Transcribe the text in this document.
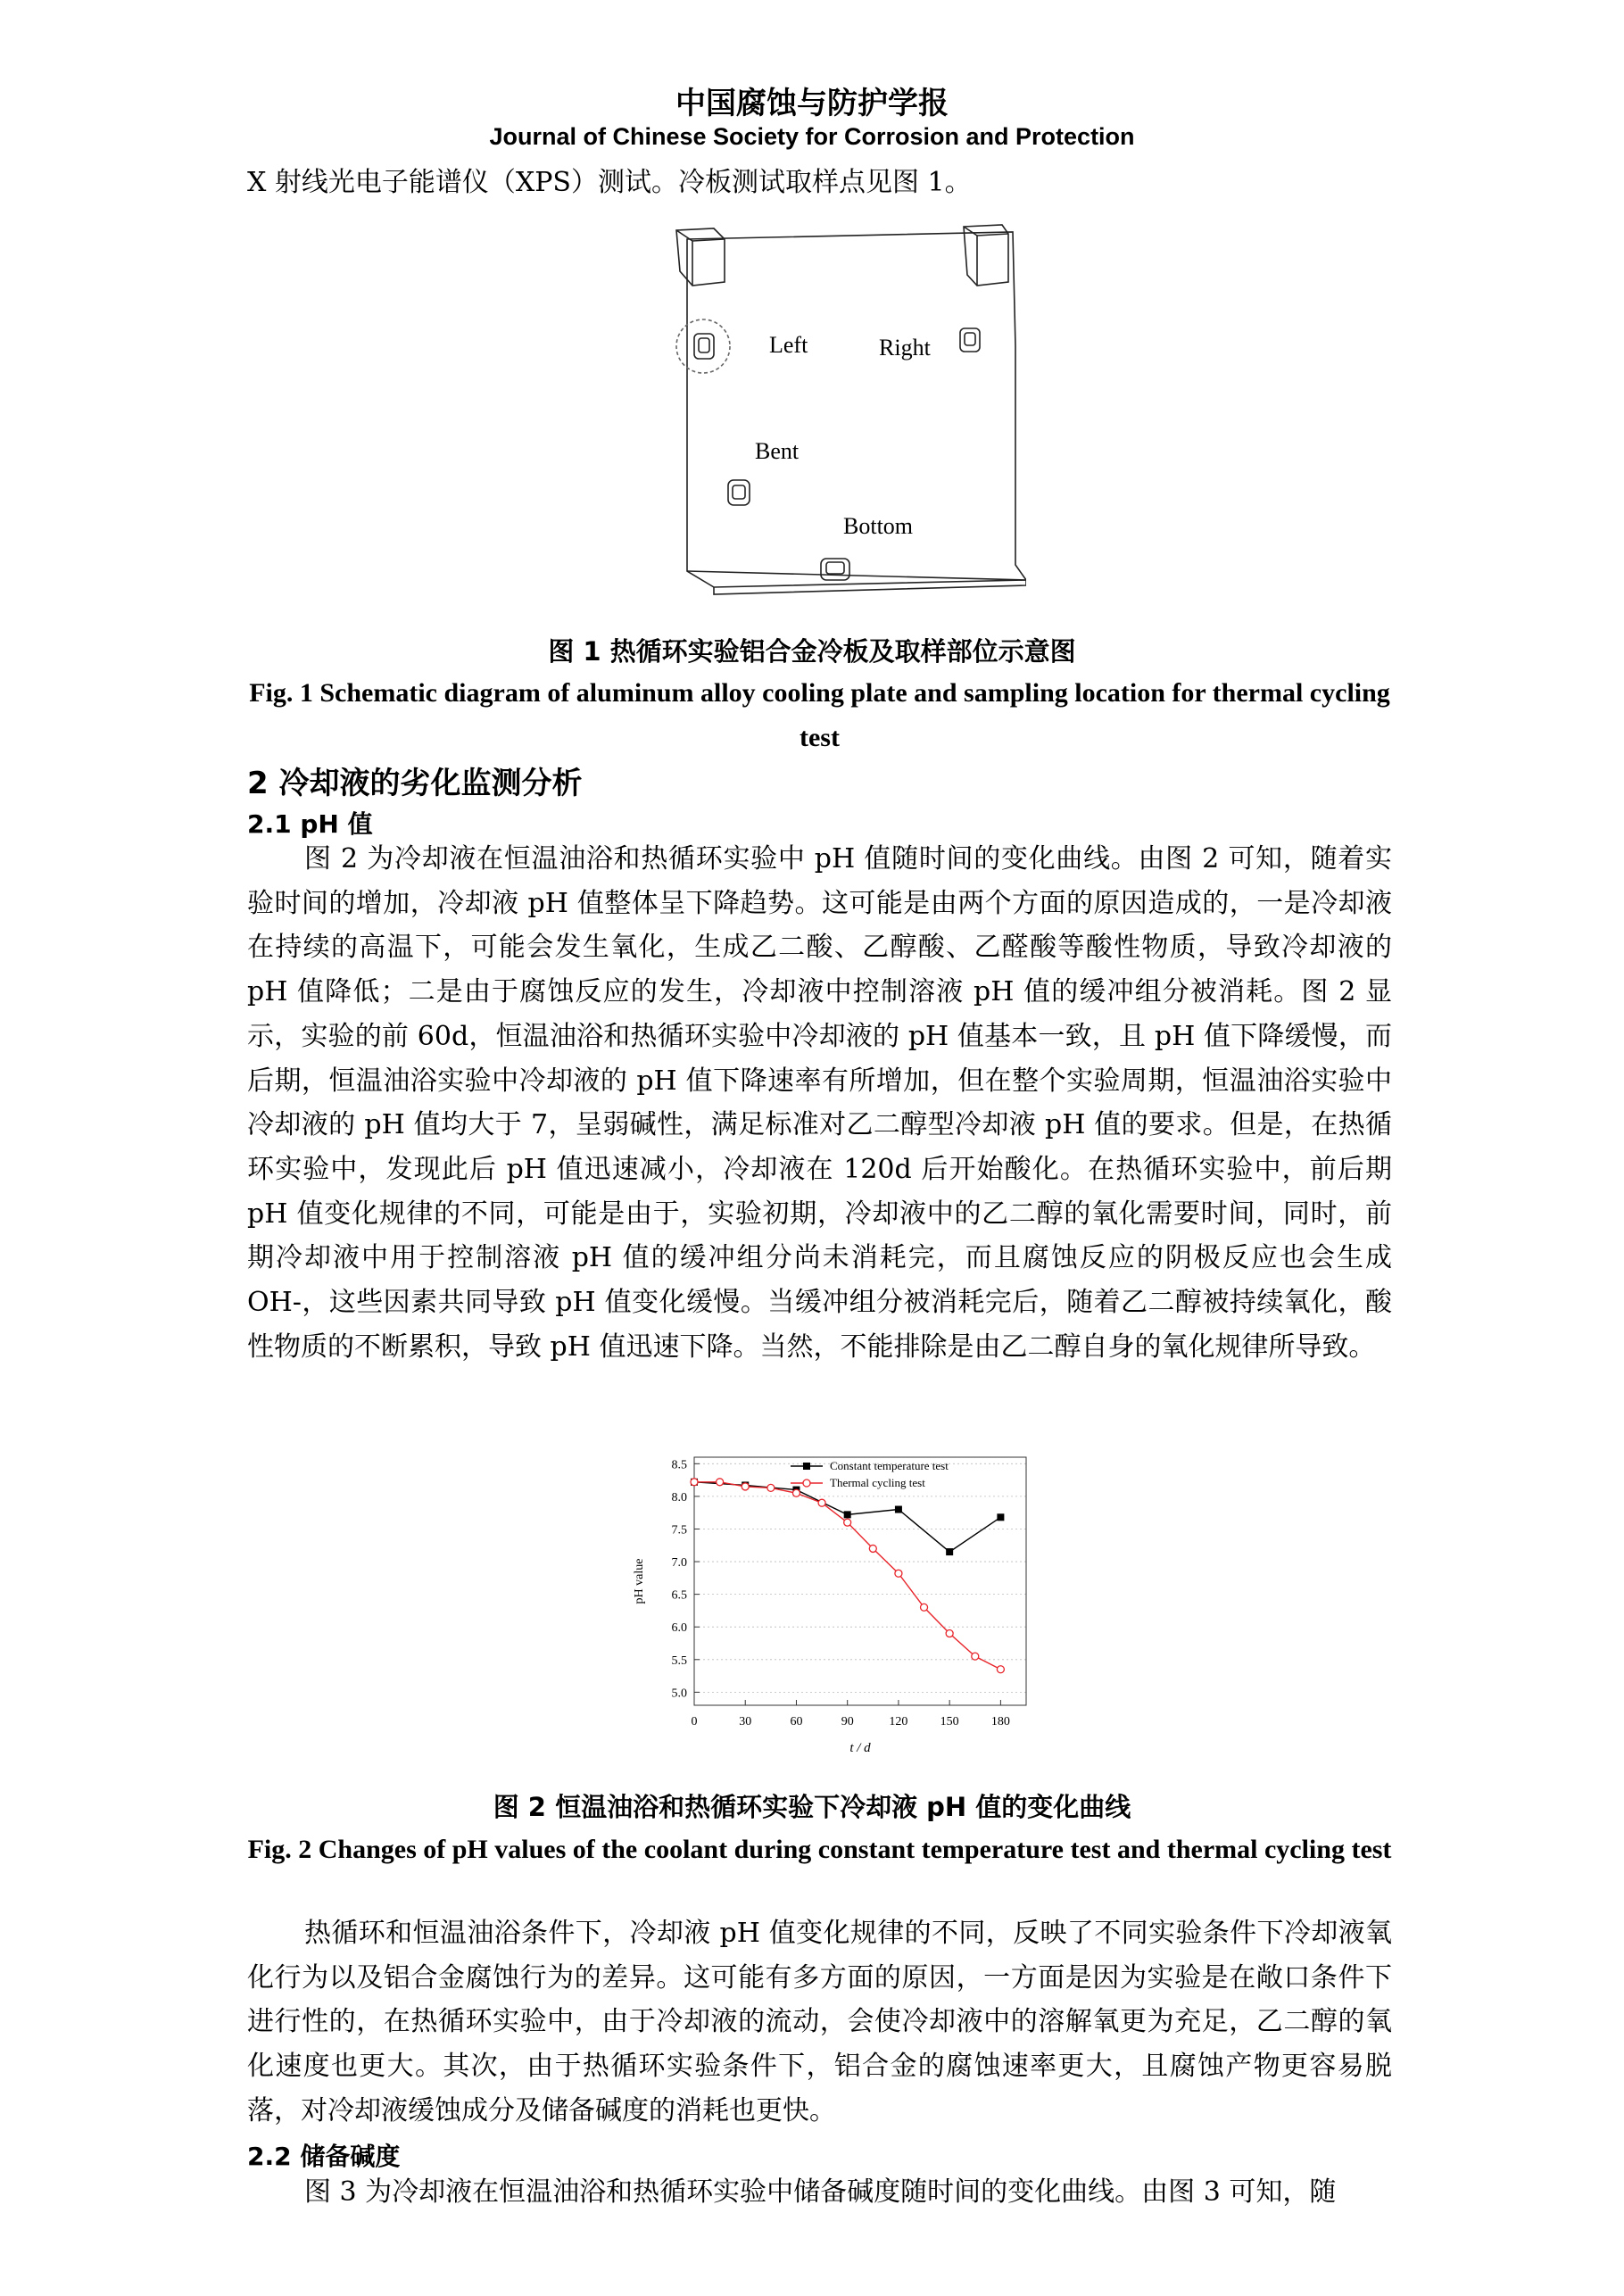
中国腐蚀与防护学报
Journal of Chinese Society for Corrosion and Protection

X 射线光电子能谱仪（XPS）测试。冷板测试取样点见图 1。

Left	Right
Bent
Bottom
图 1 热循环实验铝合金冷板及取样部位示意图
Fig. 1 Schematic diagram of aluminum alloy cooling plate and sampling location for thermal cycling test
2 冷却液的劣化监测分析
2.1 pH 值

图 2 为冷却液在恒温油浴和热循环实验中 pH 值随时间的变化曲线。由图 2 可知，随着实验时间的增加，冷却液 pH 值整体呈下降趋势。这可能是由两个方面的原因造成的，一是冷却液在持续的高温下，可能会发生氧化，生成乙二酸、乙醇酸、乙醛酸等酸性物质，导致冷却液的 pH 值降低；二是由于腐蚀反应的发生，冷却液中控制溶液 pH 值的缓冲组分被消耗。图 2 显示，实验的前 60d，恒温油浴和热循环实验中冷却液的 pH 值基本一致，且 pH 值下降缓慢，而后期，恒温油浴实验中冷却液的 pH 值下降速率有所增加，但在整个实验周期，恒温油浴实验中冷却液的 pH 值均大于 7，呈弱碱性，满足标准对乙二醇型冷却液 pH 值的要求。但是，在热循环实验中，发现此后 pH 值迅速减小，冷却液在 120d 后开始酸化。在热循环实验中，前后期 pH 值变化规律的不同，可能是由于，实验初期，冷却液中的乙二醇的氧化需要时间，同时，前期冷却液中用于控制溶液 pH 值的缓冲组分尚未消耗完，而且腐蚀反应的阴极反应也会生成 OH-，这些因素共同导致 pH 值变化缓慢。当缓冲组分被消耗完后，随着乙二醇被持续氧化，酸性物质的不断累积，导致 pH 值迅速下降。当然，不能排除是由乙二醇自身的氧化规律所导致。

5.0
5.5
6.0
6.5
7.0
7.5
8.0
8.5
0	30	60	90	120	150	180
Constant temperature test
Thermal cycling test
pH value
t / d
图 2 恒温油浴和热循环实验下冷却液 pH 值的变化曲线
Fig. 2 Changes of pH values of the coolant during constant temperature test and thermal cycling test

热循环和恒温油浴条件下，冷却液 pH 值变化规律的不同，反映了不同实验条件下冷却液氧化行为以及铝合金腐蚀行为的差异。这可能有多方面的原因，一方面是因为实验是在敞口条件下进行性的，在热循环实验中，由于冷却液的流动，会使冷却液中的溶解氧更为充足，乙二醇的氧化速度也更大。其次，由于热循环实验条件下，铝合金的腐蚀速率更大，且腐蚀产物更容易脱落，对冷却液缓蚀成分及储备碱度的消耗也更快。

2.2 储备碱度

图 3 为冷却液在恒温油浴和热循环实验中储备碱度随时间的变化曲线。由图 3 可知，随
